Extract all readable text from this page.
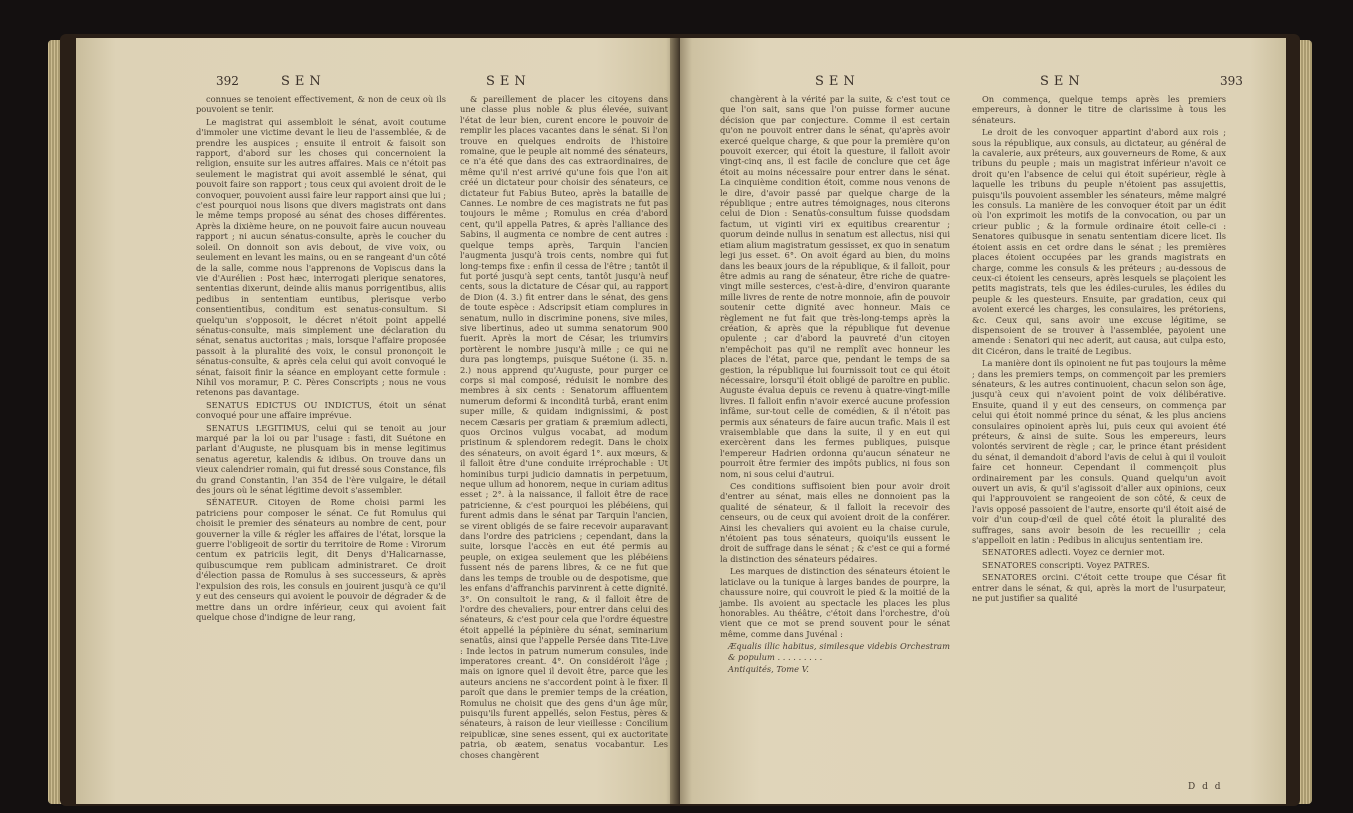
392	SEN	SEN

connues se tenoient effectivement, & non de ceux où ils pouvoient se tenir.

Le magistrat qui assembloit le sénat, avoit coutume d'immoler une victime devant le lieu de l'assemblée, & de prendre les auspices ; ensuite il entroit & faisoit son rapport, d'abord sur les choses qui concernoient la religion, ensuite sur les autres affaires. Mais ce n'étoit pas seulement le magistrat qui avoit assemblé le sénat, qui pouvoit faire son rapport ; tous ceux qui avoient droit de le convoquer, pouvoient aussi faire leur rapport ainsi que lui ; c'est pourquoi nous lisons que divers magistrats ont dans le même temps proposé au sénat des choses différentes. Après la dixième heure, on ne pouvoit faire aucun nouveau rapport ; ni aucun sénatus-consulte, après le coucher du soleil. On donnoit son avis debout, de vive voix, ou seulement en levant les mains, ou en se rangeant d'un côté de la salle, comme nous l'apprenons de Vopiscus dans la vie d'Aurélien : Post hæc, interrogati plerique senatores, sententias dixerunt, deinde aliis manus porrigentibus, aliis pedibus in sententiam euntibus, plerisque verbo consentientibus, conditum est senatus-consultum. Si quelqu'un s'opposoit, le décret n'étoit point appellé sénatus-consulte, mais simplement une déclaration du sénat, senatus auctoritas ; mais, lorsque l'affaire proposée passoit à la pluralité des voix, le consul prononçoit le sénatus-consulte, & après cela celui qui avoit convoqué le sénat, faisoit finir la séance en employant cette formule : Nihil vos moramur, P. C. Pères Conscripts ; nous ne vous retenons pas davantage.

SENATUS EDICTUS OU INDICTUS, étoit un sénat convoqué pour une affaire imprévue.

SENATUS LEGITIMUS, celui qui se tenoit au jour marqué par la loi ou par l'usage : fasti, dit Suétone en parlant d'Auguste, ne plusquam bis in mense legitimus senatus ageretur, kalendis & idibus. On trouve dans un vieux calendrier romain, qui fut dressé sous Constance, fils du grand Constantin, l'an 354 de l'ère vulgaire, le détail des jours où le sénat légitime devoit s'assembler.

SÉNATEUR. Citoyen de Rome choisi parmi les patriciens pour composer le sénat. Ce fut Romulus qui choisit le premier des sénateurs au nombre de cent, pour gouverner la ville & régler les affaires de l'état, lorsque la guerre l'obligeoit de sortir du territoire de Rome : Virorum centum ex patriciis legit, dit Denys d'Halicarnasse, quibuscumque rem publicam administraret. Ce droit d'élection passa de Romulus à ses successeurs, & après l'expulsion des rois, les consuls en jouirent jusqu'à ce qu'il y eut des censeurs qui avoient le pouvoir de dégrader & de mettre dans un ordre inférieur, ceux qui avoient fait quelque chose d'indigne de leur rang,

& pareillement de placer les citoyens dans une classe plus noble & plus élevée, suivant l'état de leur bien, curent encore le pouvoir de remplir les places vacantes dans le sénat. Si l'on trouve en quelques endroits de l'histoire romaine, que le peuple ait nommé des sénateurs, ce n'a été que dans des cas extraordinaires, de même qu'il n'est arrivé qu'une fois que l'on ait créé un dictateur pour choisir des sénateurs, ce dictateur fut Fabius Buteo, après la bataille de Cannes. Le nombre de ces magistrats ne fut pas toujours le même ; Romulus en créa d'abord cent, qu'il appella Patres, & après l'alliance des Sabins, il augmenta ce nombre de cent autres : quelque temps après, Tarquin l'ancien l'augmenta jusqu'à trois cents, nombre qui fut long-temps fixe : enfin il cessa de l'être ; tantôt il fut porté jusqu'à sept cents, tantôt jusqu'à neuf cents, sous la dictature de César qui, au rapport de Dion (4. 3.) fit entrer dans le sénat, des gens de toute espèce : Adscripsit etiam complures in senatum, nullo in discrimine ponens, sive miles, sive libertinus, adeo ut summa senatorum 900 fuerit. Après la mort de César, les triumvirs portèrent le nombre jusqu'à mille ; ce qui ne dura pas longtemps, puisque Suétone (i. 35. n. 2.) nous apprend qu'Auguste, pour purger ce corps si mal composé, réduisit le nombre des membres à six cents : Senatorum affluentem numerum deformi & inconditâ turbâ, erant enim super mille, & quidam indignissimi, & post necem Cæsaris per gratiam & præmium adlecti, quos Orcinos vulgus vocabat, ad modum pristinum & splendorem redegit. Dans le choix des sénateurs, on avoit égard 1°. aux mœurs, & il falloit être d'une conduite irréprochable : Ut hominibus turpi judicio damnatis in perpetuum, neque ullum ad honorem, neque in curiam aditus esset ; 2°. à la naissance, il falloit être de race patricienne, & c'est pourquoi les plébéiens, qui furent admis dans le sénat par Tarquin l'ancien, se virent obligés de se faire recevoir auparavant dans l'ordre des patriciens ; cependant, dans la suite, lorsque l'accès en eut été permis au peuple, on exigea seulement que les plébéiens fussent nés de parens libres, & ce ne fut que dans les temps de trouble ou de despotisme, que les enfans d'affranchis parvinrent à cette dignité. 3°. On consultoit le rang, & il falloit être de l'ordre des chevaliers, pour entrer dans celui des sénateurs, & c'est pour cela que l'ordre équestre étoit appellé la pépinière du sénat, seminarium senatûs, ainsi que l'appelle Persée dans Tite-Live : Inde lectos in patrum numerum consules, inde imperatores creant. 4°. On considéroit l'âge ; mais on ignore quel il devoit être, parce que les auteurs anciens ne s'accordent point à le fixer. Il paroît que dans le premier temps de la création, Romulus ne choisit que des gens d'un âge mûr, puisqu'ils furent appellés, selon Festus, pères & sénateurs, à raison de leur vieillesse : Concilium reipublicæ, sine senes essent, qui ex auctoritate patria, ob æatem, senatus vocabantur. Les choses changèrent

SEN	SEN	393

changèrent à la vérité par la suite, & c'est tout ce que l'on sait, sans que l'on puisse former aucune décision que par conjecture. Comme il est certain qu'on ne pouvoit entrer dans le sénat, qu'après avoir exercé quelque charge, & que pour la première qu'on pouvoit exercer, qui étoit la questure, il falloit avoir vingt-cinq ans, il est facile de conclure que cet âge étoit au moins nécessaire pour entrer dans le sénat. La cinquième condition étoit, comme nous venons de le dire, d'avoir passé par quelque charge de la république ; entre autres témoignages, nous citerons celui de Dion : Senatûs-consultum fuisse quodsdam factum, ut viginti viri ex equitibus crearentur ; quorum deinde nullus in senatum est allectus, nisi qui etiam alium magistratum gessisset, ex quo in senatum legi jus esset. 6°. On avoit égard au bien, du moins dans les beaux jours de la république, & il falloit, pour être admis au rang de sénateur, être riche de quatre-vingt mille sesterces, c'est-à-dire, d'environ quarante mille livres de rente de notre monnoie, afin de pouvoir soutenir cette dignité avec honneur. Mais ce règlement ne fut fait que très-long-temps après la création, & après que la république fut devenue opulente ; car d'abord la pauvreté d'un citoyen n'empêchoit pas qu'il ne remplît avec honneur les places de l'état, parce que, pendant le temps de sa gestion, la république lui fournissoit tout ce qui étoit nécessaire, lorsqu'il étoit obligé de paroître en public. Auguste évalua depuis ce revenu à quatre-vingt-mille livres. Il falloit enfin n'avoir exercé aucune profession infâme, sur-tout celle de comédien, & il n'étoit pas permis aux sénateurs de faire aucun trafic. Mais il est vraisemblable que dans la suite, il y en eut qui exercèrent dans les fermes publiques, puisque l'empereur Hadrien ordonna qu'aucun sénateur ne pourroit être fermier des impôts publics, ni fous son nom, ni sous celui d'autrui.

Ces conditions suffisoient bien pour avoir droit d'entrer au sénat, mais elles ne donnoient pas la qualité de sénateur, & il falloit la recevoir des censeurs, ou de ceux qui avoient droit de la conférer. Ainsi les chevaliers qui avoient eu la chaise curule, n'étoient pas tous sénateurs, quoiqu'ils eussent le droit de suffrage dans le sénat ; & c'est ce qui a formé la distinction des sénateurs pédaires.

Les marques de distinction des sénateurs étoient le laticlave ou la tunique à larges bandes de pourpre, la chaussure noire, qui couvroit le pied & la moitié de la jambe. Ils avoient au spectacle les places les plus honorables. Au théâtre, c'étoit dans l'orchestre, d'où vient que ce mot se prend souvent pour le sénat même, comme dans Juvénal :

Æqualis illic habitus, similesque videbis Orchestram & populum . . . . . . . . .

Antiquités, Tome V.

On commença, quelque temps après les premiers empereurs, à donner le titre de clarissime à tous les sénateurs.

Le droit de les convoquer appartint d'abord aux rois ; sous la république, aux consuls, au dictateur, au général de la cavalerie, aux préteurs, aux gouverneurs de Rome, & aux tribuns du peuple ; mais un magistrat inférieur n'avoit ce droit qu'en l'absence de celui qui étoit supérieur, règle à laquelle les tribuns du peuple n'étoient pas assujettis, puisqu'ils pouvoient assembler les sénateurs, même malgré les consuls. La manière de les convoquer étoit par un édit où l'on exprimoit les motifs de la convocation, ou par un crieur public ; & la formule ordinaire étoit celle-ci : Senatores quibusque in senatu sententiam dicere licet. Ils étoient assis en cet ordre dans le sénat ; les premières places étoient occupées par les grands magistrats en charge, comme les consuls & les préteurs ; au-dessous de ceux-ci étoient les censeurs, après lesquels se plaçoient les petits magistrats, tels que les édiles-curules, les édiles du peuple & les questeurs. Ensuite, par gradation, ceux qui avoient exercé les charges, les consulaires, les prétoriens, &c. Ceux qui, sans avoir une excuse légitime, se dispensoient de se trouver à l'assemblée, payoient une amende : Senatori qui nec aderit, aut causa, aut culpa esto, dit Cicéron, dans le traité de Legibus.

La manière dont ils opinoient ne fut pas toujours la même ; dans les premiers temps, on commençoit par les premiers sénateurs, & les autres continuoient, chacun selon son âge, jusqu'à ceux qui n'avoient point de voix délibérative. Ensuite, quand il y eut des censeurs, on commença par celui qui étoit nommé prince du sénat, & les plus anciens consulaires opinoient après lui, puis ceux qui avoient été préteurs, & ainsi de suite. Sous les empereurs, leurs volontés servirent de règle ; car, le prince étant président du sénat, il demandoit d'abord l'avis de celui à qui il vouloit faire cet honneur. Cependant il commençoit plus ordinairement par les consuls. Quand quelqu'un avoit ouvert un avis, & qu'il s'agissoit d'aller aux opinions, ceux qui l'approuvoient se rangeoient de son côté, & ceux de l'avis opposé passoient de l'autre, ensorte qu'il étoit aisé de voir d'un coup-d'œil de quel côté étoit la pluralité des suffrages, sans avoir besoin de les recueillir ; cela s'appelloit en latin : Pedibus in alicujus sententiam ire.

SENATORES adlecti. Voyez ce dernier mot.

SENATORES conscripti. Voyez PATRES.

SENATORES orcini. C'étoit cette troupe que César fit entrer dans le sénat, & qui, après la mort de l'usurpateur, ne put justifier sa qualité

D d d
